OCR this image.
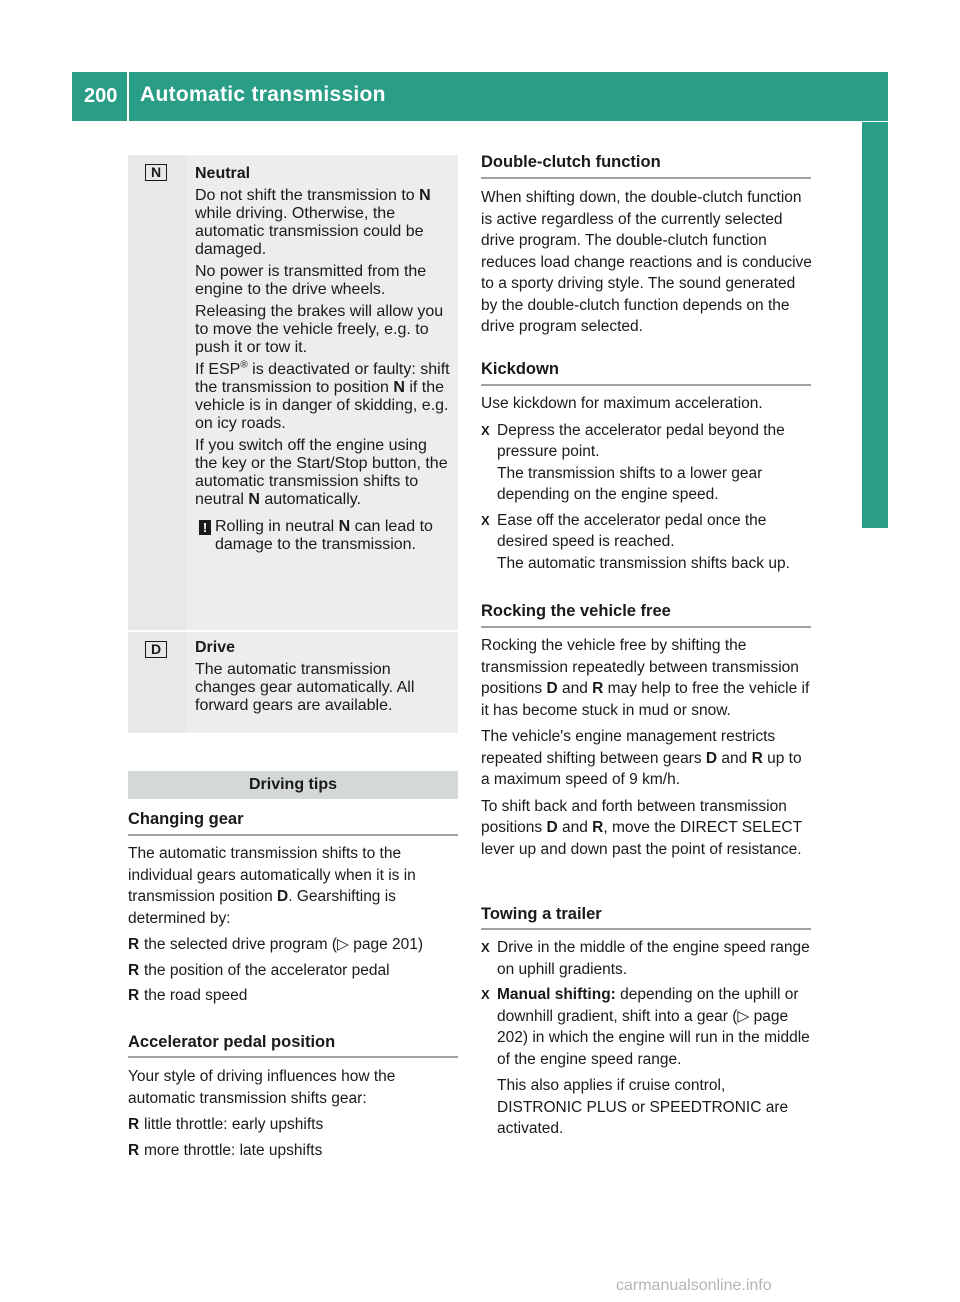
200 Automatic transmission
Driving and parking
N	Neutral

Do not shift the transmission to N while driving. Otherwise, the automatic transmission could be damaged.

No power is transmitted from the engine to the drive wheels.

Releasing the brakes will allow you to move the vehicle freely, e.g. to push it or tow it.

If ESP® is deactivated or faulty: shift the transmission to position N if the vehicle is in danger of skidding, e.g. on icy roads.

If you switch off the engine using the key or the Start/Stop button, the automatic transmission shifts to neutral N automatically.

! Rolling in neutral N can lead to damage to the transmission.
D	Drive

The automatic transmission changes gear automatically. All forward gears are available.

Driving tips
Changing gear

The automatic transmission shifts to the individual gears automatically when it is in transmission position D. Gearshifting is determined by:

R the selected drive program (▷ page 201)
R the position of the accelerator pedal
R the road speed
Accelerator pedal position

Your style of driving influences how the automatic transmission shifts gear:

R little throttle: early upshifts
R more throttle: late upshifts
Double-clutch function

When shifting down, the double-clutch function is active regardless of the currently selected drive program. The double-clutch function reduces load change reactions and is conducive to a sporty driving style. The sound generated by the double-clutch function depends on the drive program selected.

Kickdown

Use kickdown for maximum acceleration.

X Depress the accelerator pedal beyond the pressure point.
The transmission shifts to a lower gear depending on the engine speed.
X Ease off the accelerator pedal once the desired speed is reached.
The automatic transmission shifts back up.
Rocking the vehicle free

Rocking the vehicle free by shifting the transmission repeatedly between transmission positions D and R may help to free the vehicle if it has become stuck in mud or snow.

The vehicle's engine management restricts repeated shifting between gears D and R up to a maximum speed of 9 km/h.

To shift back and forth between transmission positions D and R, move the DIRECT SELECT lever up and down past the point of resistance.

Towing a trailer
X Drive in the middle of the engine speed range on uphill gradients.
X Manual shifting: depending on the uphill or downhill gradient, shift into a gear (▷ page 202) in which the engine will run in the middle of the engine speed range.
This also applies if cruise control, DISTRONIC PLUS or SPEEDTRONIC are activated.
carmanualsonline.info
